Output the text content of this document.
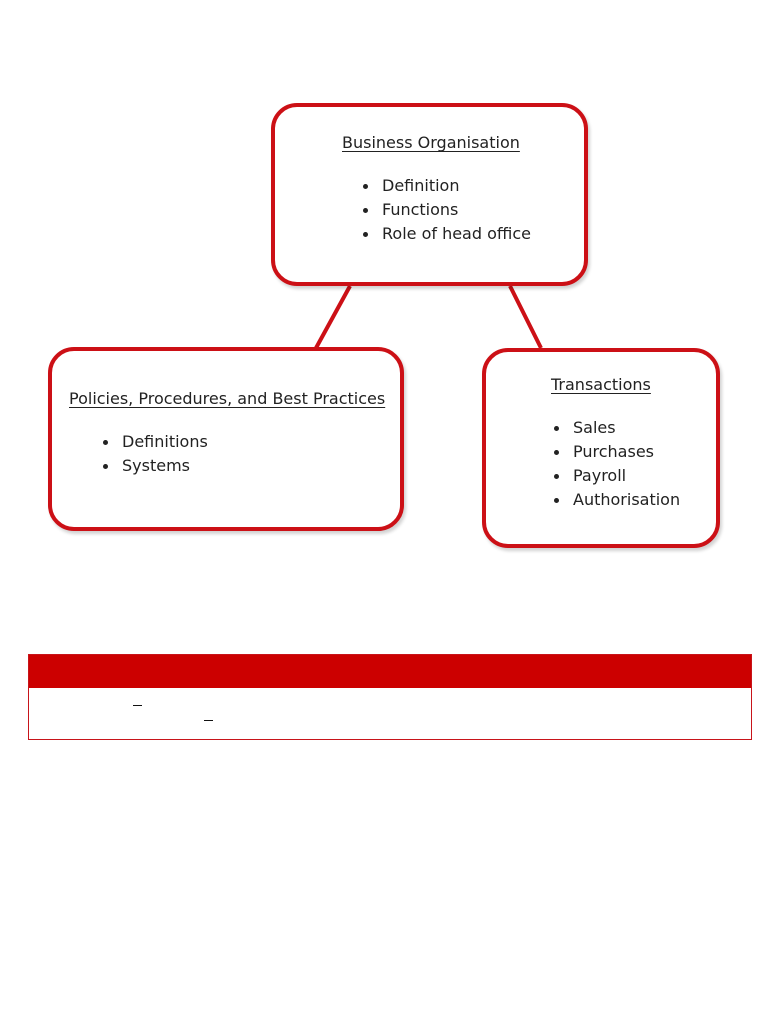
Business Organisation

Definition
Functions
Role of head office

Policies, Procedures, and Best Practices

Definitions
Systems

Transactions

Sales
Purchases
Payroll
Authorisation
